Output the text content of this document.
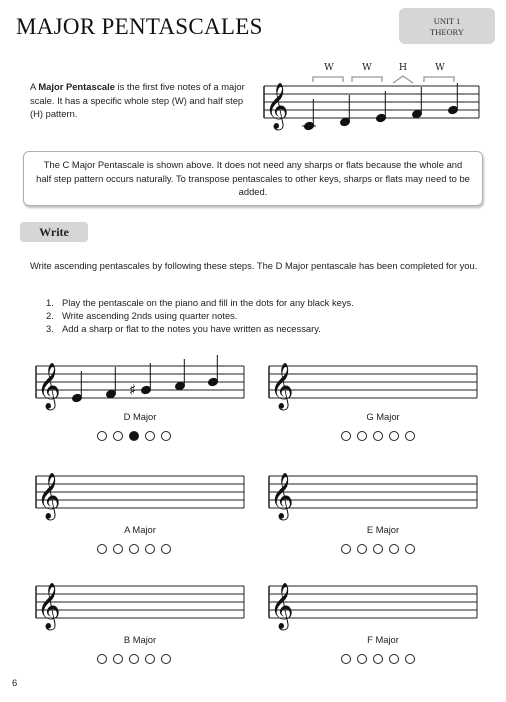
MAJOR PENTASCALES	UNIT 1
THEORY
A Major Pentascale is the first five notes of a major scale. It has a specific whole step (W) and half step (H) pattern.	𝄞
W	W	H	W
The C Major Pentascale is shown above. It does not need any sharps or flats because the whole and half step pattern occurs naturally. To transpose pentascales to other keys, sharps or flats may need to be added.
Write
Write ascending pentascales by following these steps. The D Major pentascale has been completed for you.
1. Play the pentascale on the piano and fill in the dots for any black keys.
2. Write ascending 2nds using quarter notes.
3. Add a sharp or flat to the notes you have written as necessary.
𝄞	𝄞
𝄞	𝄞
𝄞	𝄞
♯
D Major	G Major
A Major	E Major
B Major	F Major
6
